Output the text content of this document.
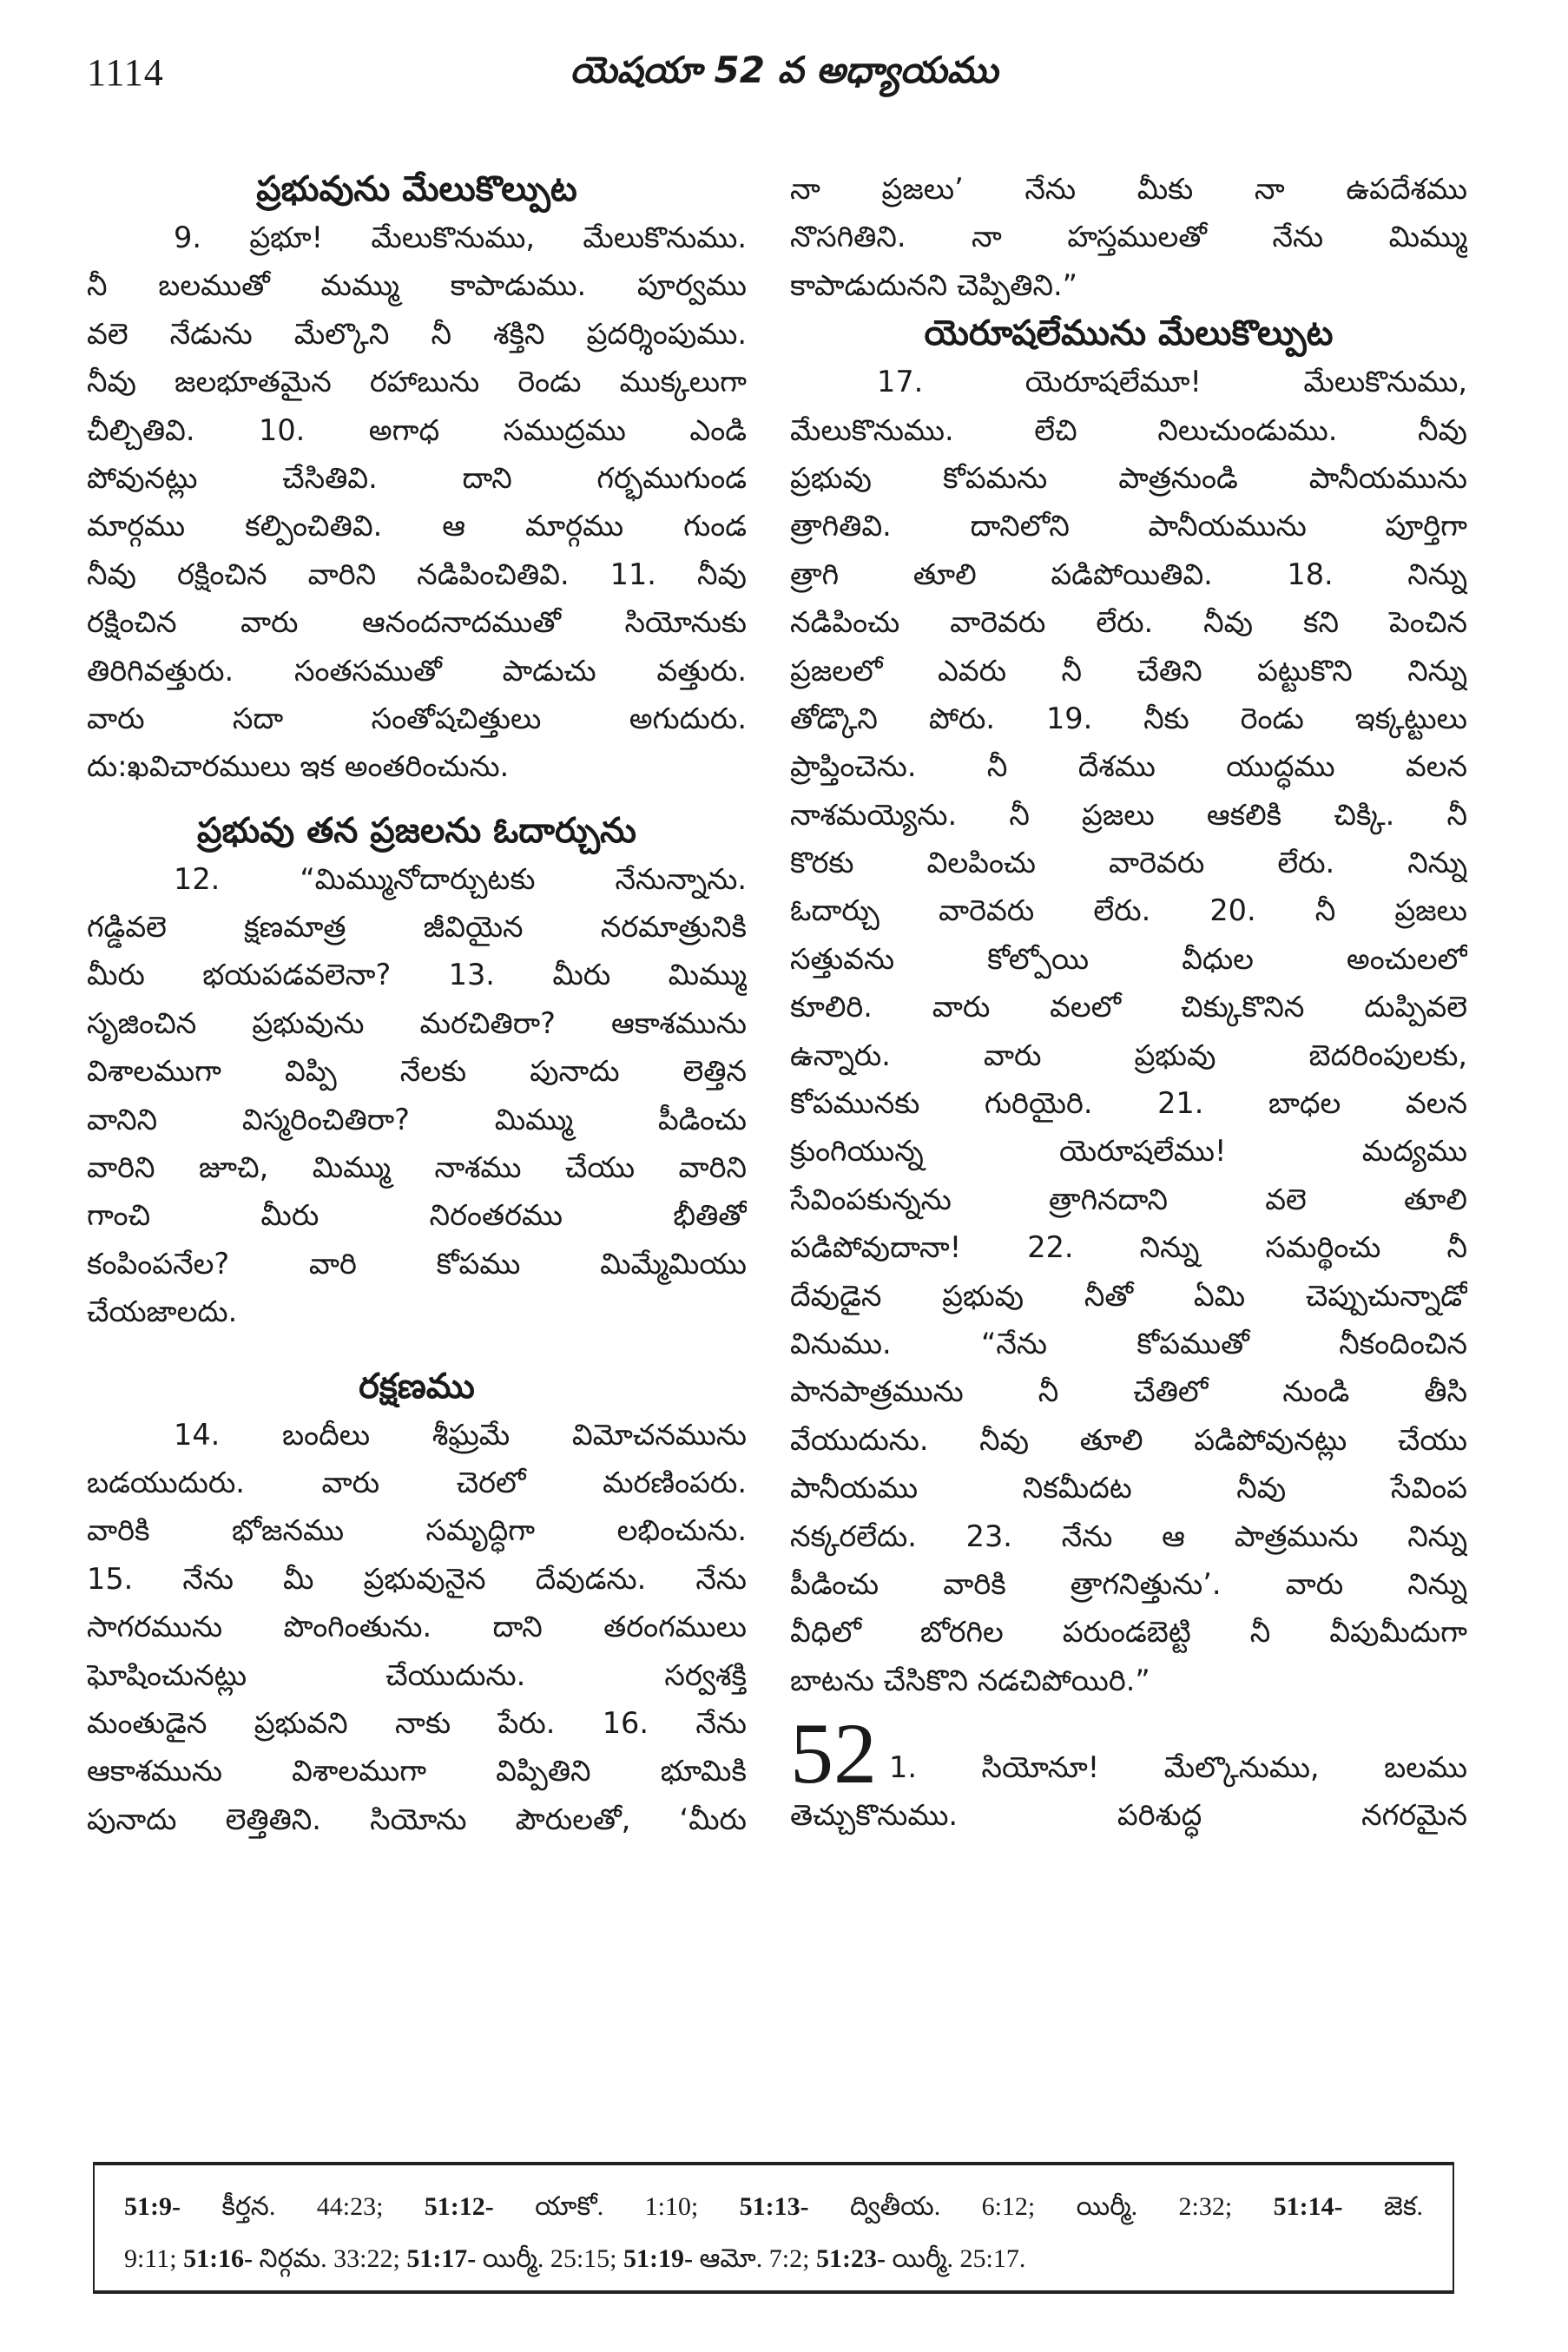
1114	యెషయా 52 వ అధ్యాయము
ప్రభువును మేలుకొల్పుట
9. ప్రభూ! మేలుకొనుము, మేలుకొనుము.
నీ బలముతో మమ్ము కాపాడుము. పూర్వము
వలె నేడును మేల్కొని నీ శక్తిని ప్రదర్శింపుము.
నీవు జలభూతమైన రహాబును రెండు ముక్కలుగా
చీల్చితివి. 10. అగాధ సముద్రము ఎండి
పోవునట్లు చేసితివి. దాని గర్భముగుండ
మార్గము కల్పించితివి. ఆ మార్గము గుండ
నీవు రక్షించిన వారిని నడిపించితివి. 11. నీవు
రక్షించిన వారు ఆనందనాదముతో సియోనుకు
తిరిగివత్తురు. సంతసముతో పాడుచు వత్తురు.
వారు సదా సంతోషచిత్తులు అగుదురు.
దు:ఖవిచారములు ఇక అంతరించును.
ప్రభువు తన ప్రజలను ఓదార్చును
12. “మిమ్మునోదార్చుటకు నేనున్నాను.
గడ్డివలె క్షణమాత్ర జీవియైన నరమాత్రునికి
మీరు భయపడవలెనా? 13. మీరు మిమ్ము
సృజించిన ప్రభువును మరచితిరా? ఆకాశమును
విశాలముగా విప్పి నేలకు పునాదు లెత్తిన
వానిని విస్మరించితిరా? మిమ్ము పీడించు
వారిని జూచి, మిమ్ము నాశము చేయు వారిని
గాంచి మీరు నిరంతరము భీతితో
కంపింపనేల? వారి కోపము మిమ్మేమియు
చేయజాలదు.
రక్షణము
14. బందీలు శీఘ్రమే విమోచనమును
బడయుదురు. వారు చెరలో మరణింపరు.
వారికి భోజనము సమృద్ధిగా లభించును.
15. నేను మీ ప్రభువునైన దేవుడను. నేను
సాగరమును పొంగింతును. దాని తరంగములు
ఘోషించునట్లు చేయుదును. సర్వశక్తి
మంతుడైన ప్రభువని నాకు పేరు. 16. నేను
ఆకాశమును విశాలముగా విప్పితిని భూమికి
పునాదు లెత్తితిని. సియోను పౌరులతో, ‘మీరు
నా ప్రజలు’ నేను మీకు నా ఉపదేశము
నొసగితిని. నా హస్తములతో నేను మిమ్ము
కాపాడుదునని చెప్పితిని.”
యెరూషలేమును మేలుకొల్పుట
17. యెరూషలేమూ! మేలుకొనుము,
మేలుకొనుము. లేచి నిలుచుండుము. నీవు
ప్రభువు కోపమను పాత్రనుండి పానీయమును
త్రాగితివి. దానిలోని పానీయమును పూర్తిగా
త్రాగి తూలి పడిపోయితివి. 18. నిన్ను
నడిపించు వారెవరు లేరు. నీవు కని పెంచిన
ప్రజలలో ఎవరు నీ చేతిని పట్టుకొని నిన్ను
తోడ్కొని పోరు. 19. నీకు రెండు ఇక్కట్టులు
ప్రాప్తించెను. నీ దేశము యుద్ధము వలన
నాశమయ్యెను. నీ ప్రజలు ఆకలికి చిక్కి. నీ
కొరకు విలపించు వారెవరు లేరు. నిన్ను
ఓదార్చు వారెవరు లేరు. 20. నీ ప్రజలు
సత్తువను కోల్పోయి వీధుల అంచులలో
కూలిరి. వారు వలలో చిక్కుకొనిన దుప్పివలె
ఉన్నారు. వారు ప్రభువు బెదరింపులకు,
కోపమునకు గురియైరి. 21. బాధల వలన
క్రుంగియున్న యెరూషలేము! మద్యము
సేవింపకున్నను త్రాగినదాని వలె తూలి
పడిపోవుదానా! 22. నిన్ను సమర్థించు నీ
దేవుడైన ప్రభువు నీతో ఏమి చెప్పుచున్నాడో
వినుము. “నేను కోపముతో నీకందించిన
పానపాత్రమును నీ చేతిలో నుండి తీసి
వేయుదును. నీవు తూలి పడిపోవునట్లు చేయు
పానీయము నికమీదట నీవు సేవింప
నక్కరలేదు. 23. నేను ఆ పాత్రమును నిన్ను
పీడించు వారికి త్రాగనిత్తును’. వారు నిన్ను
వీధిలో బోరగిల పరుండబెట్టి నీ వీపుమీదుగా
బాటను చేసికొని నడచిపోయిరి.”
52 1. సియోనూ! మేల్కొనుము, బలము
తెచ్చుకొనుము. పరిశుద్ధ నగరమైన
51:9- కీర్తన. 44:23; 51:12- యాకో. 1:10; 51:13- ద్వితీయ. 6:12; యిర్మీ. 2:32; 51:14- జెక.
9:11; 51:16- నిర్గమ. 33:22; 51:17- యిర్మీ. 25:15; 51:19- ఆమో. 7:2; 51:23- యిర్మీ. 25:17.
